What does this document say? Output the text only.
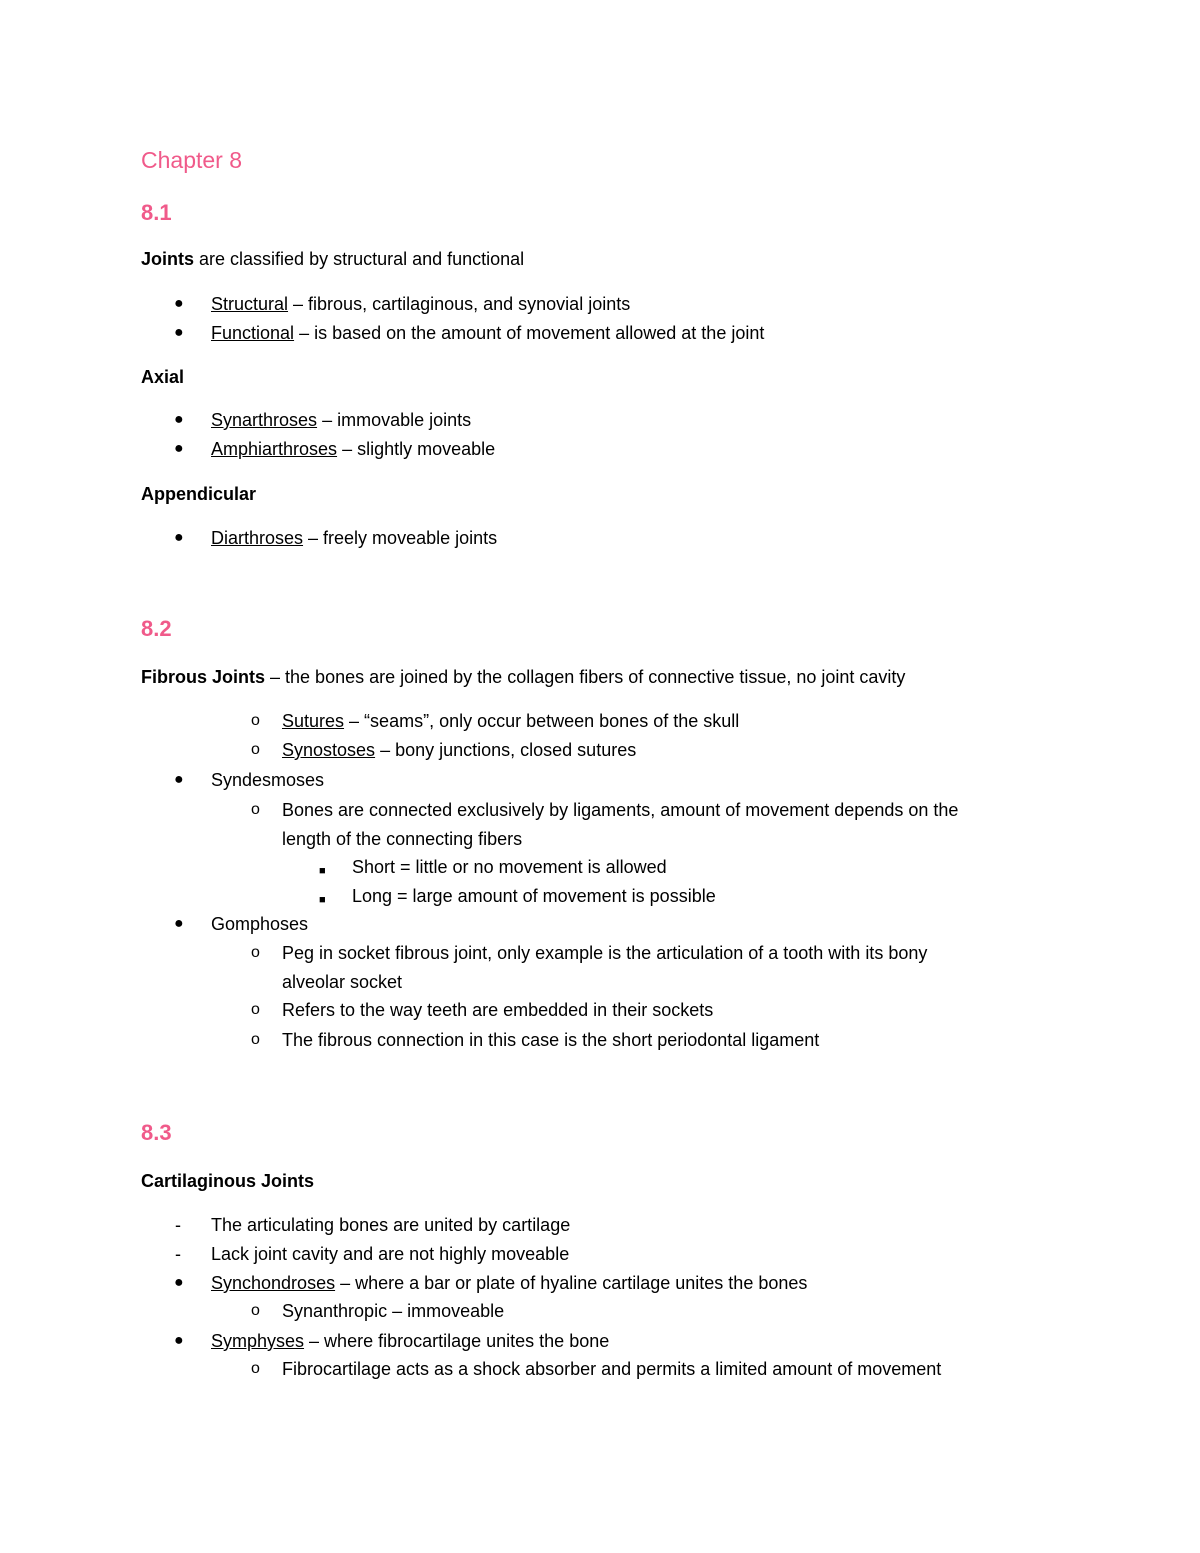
Chapter 8
8.1
Joints are classified by structural and functional
● Structural – fibrous, cartilaginous, and synovial joints
● Functional – is based on the amount of movement allowed at the joint
Axial
● Synarthroses – immovable joints
● Amphiarthroses – slightly moveable
Appendicular
● Diarthroses – freely moveable joints
8.2
Fibrous Joints – the bones are joined by the collagen fibers of connective tissue, no joint cavity
o Sutures – “seams”, only occur between bones of the skull
o Synostoses – bony junctions, closed sutures
● Syndesmoses
o Bones are connected exclusively by ligaments, amount of movement depends on the
length of the connecting fibers
■ Short = little or no movement is allowed
■ Long = large amount of movement is possible
● Gomphoses
o Peg in socket fibrous joint, only example is the articulation of a tooth with its bony
alveolar socket
o Refers to the way teeth are embedded in their sockets
o The fibrous connection in this case is the short periodontal ligament
8.3
Cartilaginous Joints
- The articulating bones are united by cartilage
- Lack joint cavity and are not highly moveable
● Synchondroses – where a bar or plate of hyaline cartilage unites the bones
o Synanthropic – immoveable
● Symphyses – where fibrocartilage unites the bone
o Fibrocartilage acts as a shock absorber and permits a limited amount of movement
